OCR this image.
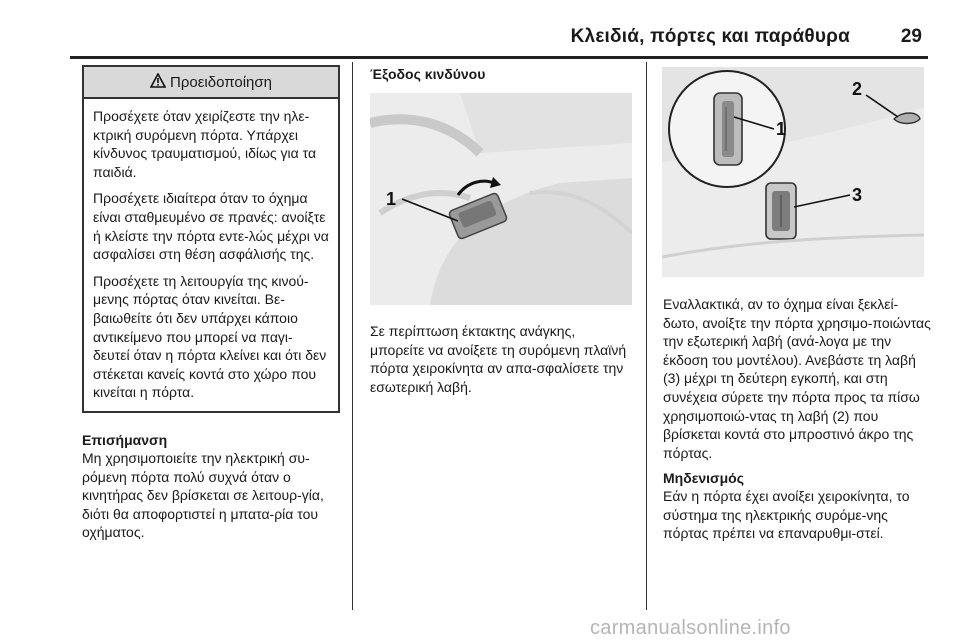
Κλειδιά, πόρτες και παράθυρα	29
Προειδοποίηση

Προσέχετε όταν χειρίζεστε την ηλε‐κτρική συρόμενη πόρτα. Υπάρχει κίνδυνος τραυματισμού, ιδίως για τα παιδιά.

Προσέχετε ιδιαίτερα όταν το όχημα είναι σταθμευμένο σε πρανές: ανοίξτε ή κλείστε την πόρτα εντε‐λώς μέχρι να ασφαλίσει στη θέση ασφάλισής της.

Προσέχετε τη λειτουργία της κινού‐μενης πόρτας όταν κινείται. Βε‐βαιωθείτε ότι δεν υπάρχει κάποιο αντικείμενο που μπορεί να παγι‐δευτεί όταν η πόρτα κλείνει και ότι δεν στέκεται κανείς κοντά στο χώρο που κινείται η πόρτα.

Επισήμανση

Μη χρησιμοποιείτε την ηλεκτρική συ‐ρόμενη πόρτα πολύ συχνά όταν ο κινητήρας δεν βρίσκεται σε λειτουρ‐γία, διότι θα αποφορτιστεί η μπατα‐ρία του οχήματος.

Έξοδος κινδύνου
1

Σε περίπτωση έκτακτης ανάγκης, μπορείτε να ανοίξετε τη συρόμενη πλαϊνή πόρτα χειροκίνητα αν απα‐σφαλίσετε την εσωτερική λαβή.

1
2
3

Εναλλακτικά, αν το όχημα είναι ξεκλεί‐δωτο, ανοίξτε την πόρτα χρησιμο‐ποιώντας την εξωτερική λαβή (ανά‐λογα με την έκδοση του μοντέλου). Ανεβάστε τη λαβή (3) μέχρι τη δεύτερη εγκοπή, και στη συνέχεια σύρετε την πόρτα προς τα πίσω χρησιμοποιώ‐ντας τη λαβή (2) που βρίσκεται κοντά στο μπροστινό άκρο της πόρτας.

Μηδενισμός

Εάν η πόρτα έχει ανοίξει χειροκίνητα, το σύστημα της ηλεκτρικής συρόμε‐νης πόρτας πρέπει να επαναρυθμι‐στεί.

carmanualsonline.info
